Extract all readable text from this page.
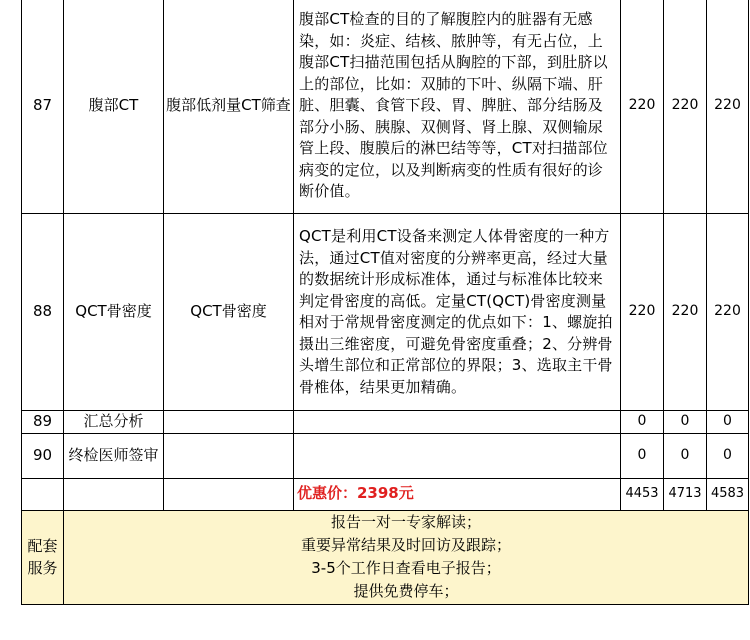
87	腹部CT	腹部低剂量CT筛查	腹部CT检查的目的了解腹腔内的脏器有无感染，如：炎症、结核、脓肿等，有无占位，上腹部CT扫描范围包括从胸腔的下部，到肚脐以上的部位，比如：双肺的下叶、纵隔下端、肝脏、胆囊、食管下段、胃、脾脏、部分结肠及部分小肠、胰腺、双侧肾、肾上腺、双侧输尿管上段、腹膜后的淋巴结等等，CT对扫描部位病变的定位，以及判断病变的性质有很好的诊断价值。	220	220	220
88	QCT骨密度	QCT骨密度	QCT是利用CT设备来测定人体骨密度的一种方法，通过CT值对密度的分辨率更高，经过大量的数据统计形成标准体，通过与标准体比较来判定骨密度的高低。定量CT(QCT)骨密度测量相对于常规骨密度测定的优点如下：1、螺旋拍摄出三维密度，可避免骨密度重叠；2、分辨骨头增生部位和正常部位的界限；3、选取主干骨骨椎体，结果更加精确。	220	220	220
89	汇总分析			0	0	0
90	终检医师签审			0	0	0
			优惠价：2398元	4453	4713	4583
配套服务	报告一对一专家解读；
重要异常结果及时回访及跟踪；
3-5个工作日查看电子报告；
提供免费停车；					
